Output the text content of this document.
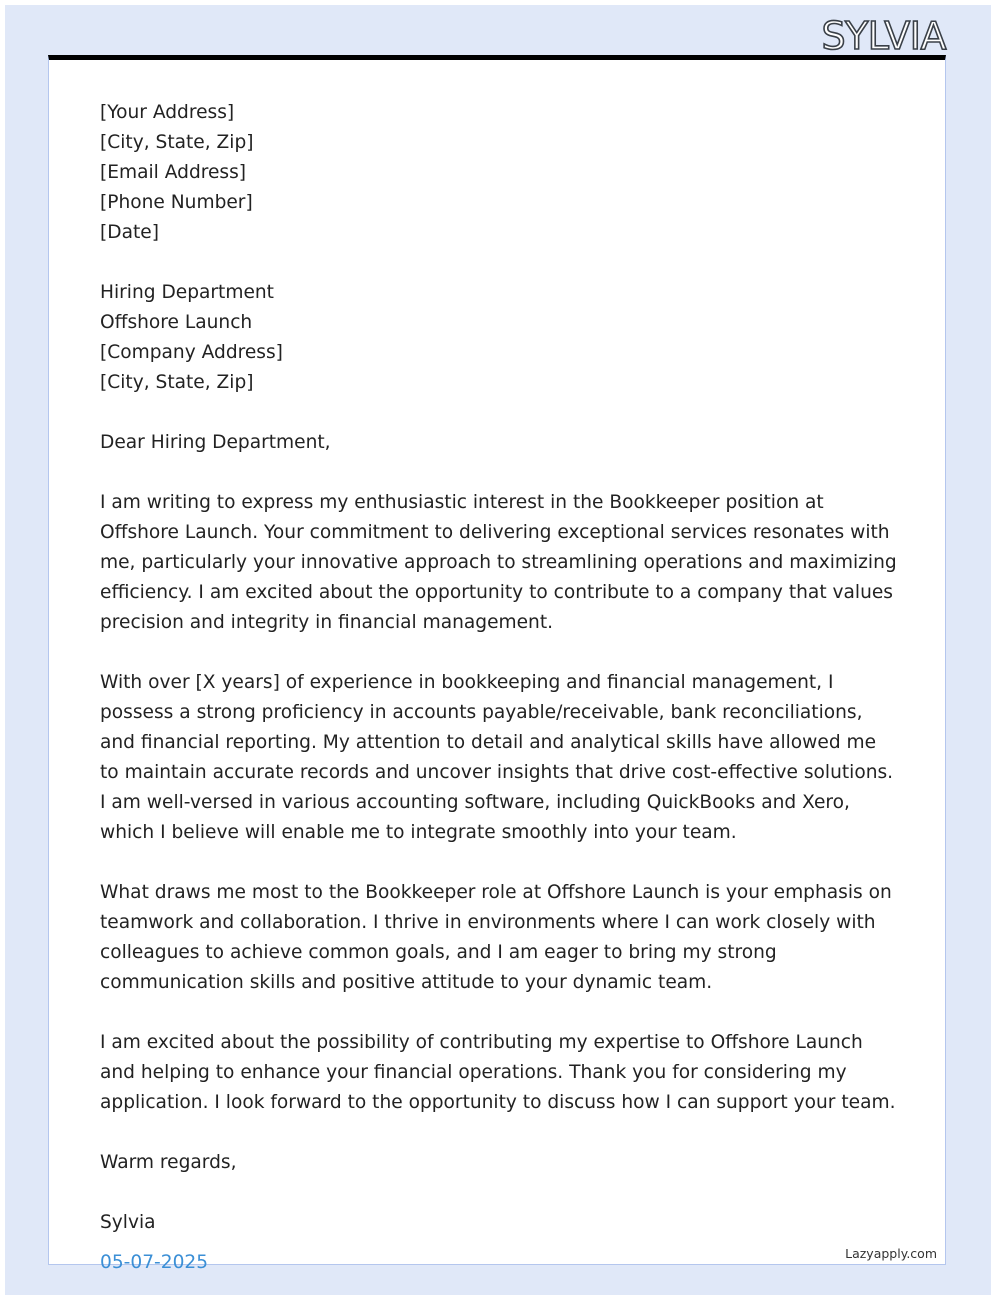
SYLVIA

[Your Address]
[City, State, Zip]
[Email Address]
[Phone Number]
[Date]

Hiring Department
Offshore Launch
[Company Address]
[City, State, Zip]

Dear Hiring Department,

I am writing to express my enthusiastic interest in the Bookkeeper position at Offshore Launch. Your commitment to delivering exceptional services resonates with me, particularly your innovative approach to streamlining operations and maximizing efficiency. I am excited about the opportunity to contribute to a company that values precision and integrity in financial management.

With over [X years] of experience in bookkeeping and financial management, I possess a strong proficiency in accounts payable/receivable, bank reconciliations, and financial reporting. My attention to detail and analytical skills have allowed me to maintain accurate records and uncover insights that drive cost-effective solutions. I am well-versed in various accounting software, including QuickBooks and Xero, which I believe will enable me to integrate smoothly into your team.

What draws me most to the Bookkeeper role at Offshore Launch is your emphasis on teamwork and collaboration. I thrive in environments where I can work closely with colleagues to achieve common goals, and I am eager to bring my strong communication skills and positive attitude to your dynamic team.

I am excited about the possibility of contributing my expertise to Offshore Launch and helping to enhance your financial operations. Thank you for considering my application. I look forward to the opportunity to discuss how I can support your team.

Warm regards,

Sylvia
05-07-2025	Lazyapply.com
